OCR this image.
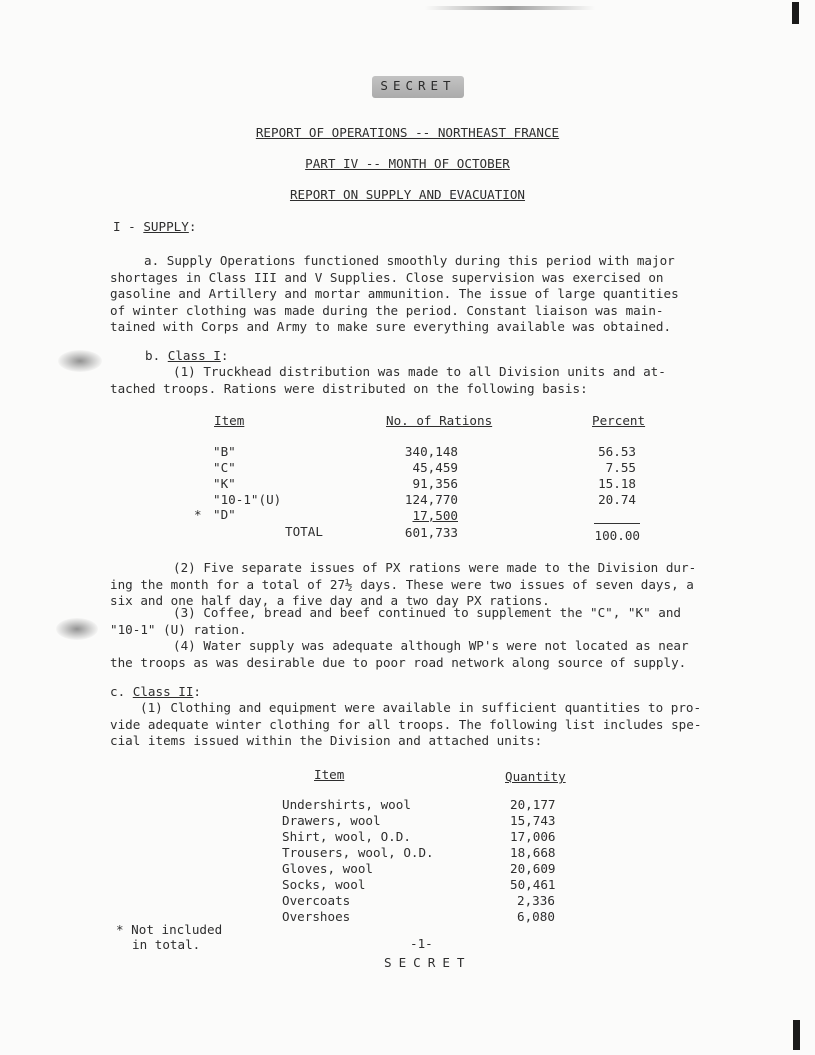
SECRET
REPORT OF OPERATIONS -- NORTHEAST FRANCE
PART IV -- MONTH OF OCTOBER
REPORT ON SUPPLY AND EVACUATION
I - SUPPLY:
a. Supply Operations functioned smoothly during this period with major
shortages in Class III and V Supplies. Close supervision was exercised on
gasoline and Artillery and mortar ammunition. The issue of large quantities
of winter clothing was made during the period. Constant liaison was main-
tained with Corps and Army to make sure everything available was obtained.
b. Class I:
(1) Truckhead distribution was made to all Division units and at-
tached troops. Rations were distributed on the following basis:
Item	No. of Rations	Percent
"B"	340,148	56.53
"C"	45,459	7.55
"K"	91,356	15.18
"10-1"(U)	124,770	20.74
* "D"	17,500
TOTAL	601,733	100.00
(2) Five separate issues of PX rations were made to the Division dur-
ing the month for a total of 27½ days. These were two issues of seven days, a
six and one half day, a five day and a two day PX rations.
(3) Coffee, bread and beef continued to supplement the "C", "K" and
"10-1" (U) ration.
(4) Water supply was adequate although WP's were not located as near
the troops as was desirable due to poor road network along source of supply.
c. Class II:
(1) Clothing and equipment were available in sufficient quantities to pro-
vide adequate winter clothing for all troops. The following list includes spe-
cial items issued within the Division and attached units:
Item	Quantity
Undershirts, wool	20,177
Drawers, wool	15,743
Shirt, wool, O.D.	17,006
Trousers, wool, O.D.	18,668
Gloves, wool	20,609
Socks, wool	50,461
Overcoats	2,336
Overshoes	6,080
* Not included
in total.	-1-
SECRET
